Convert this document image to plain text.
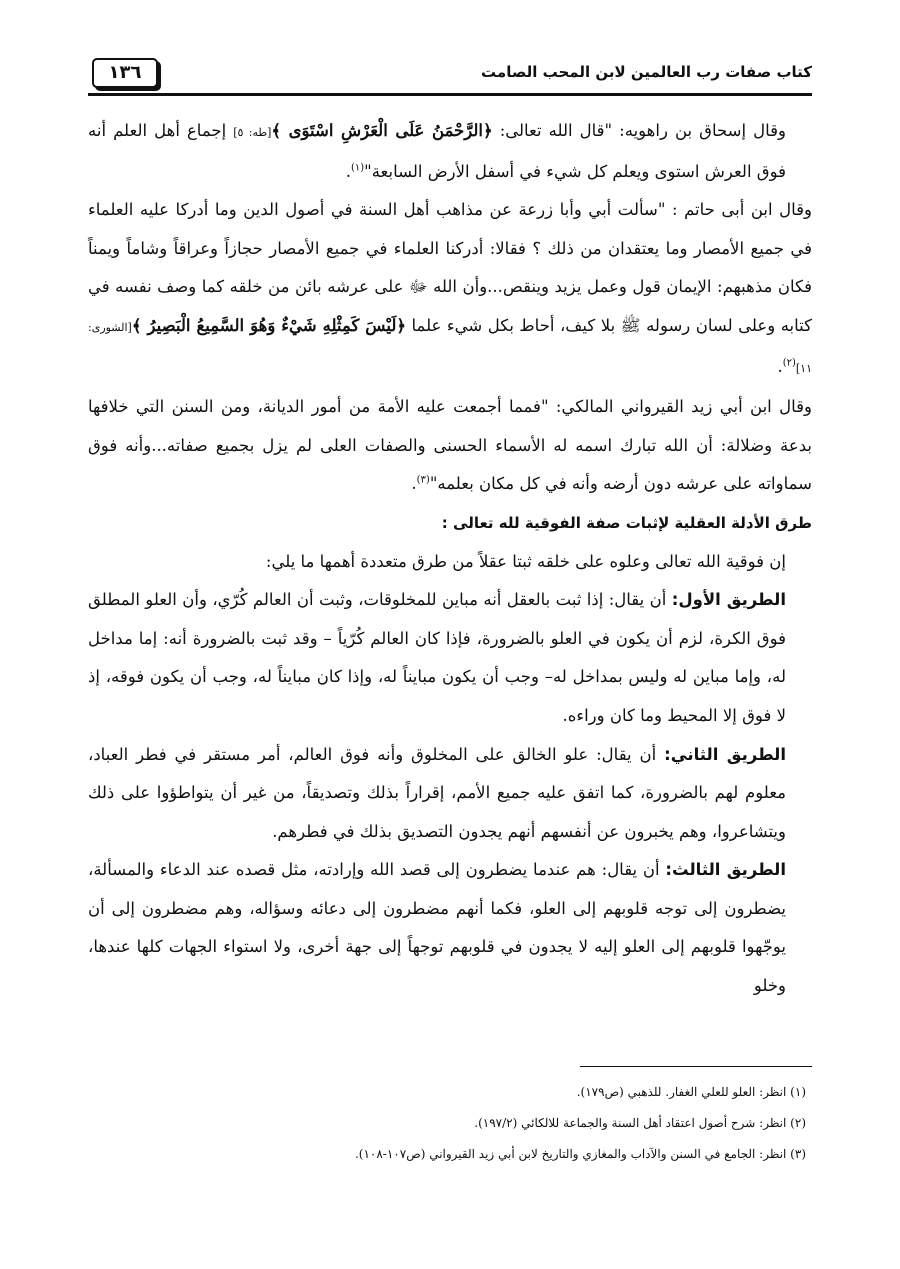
كتاب صفات رب العالمين لابن المحب الصامت
١٣٦

وقال إسحاق بن راهويه: "قال الله تعالى: ﴿الرَّحْمَنُ عَلَى الْعَرْشِ اسْتَوَى ﴾[طه: ٥] إجماع أهل العلم أنه فوق العرش استوى ويعلم كل شيء في أسفل الأرض السابعة"$^{(١)}$.

وقال ابن أبى حاتم : "سألت أبي وأبا زرعة عن مذاهب أهل السنة في أصول الدين وما أدركا عليه العلماء في جميع الأمصار وما يعتقدان من ذلك ؟ فقالا: أدركنا العلماء في جميع الأمصار حجازاً وعراقاً وشاماً ويمناً فكان مذهبهم: الإيمان قول وعمل يزيد وينقص...وأن الله ﷻ على عرشه بائن من خلقه كما وصف نفسه في كتابه وعلى لسان رسوله ﷺ بلا كيف، أحاط بكل شيء علما ﴿لَيْسَ كَمِثْلِهِ شَيْءٌ وَهُوَ السَّمِيعُ الْبَصِيرُ ﴾[الشورى: ١١]$^{(٢)}$.

وقال ابن أبي زيد القيرواني المالكي: "فمما أجمعت عليه الأمة من أمور الديانة، ومن السنن التي خلافها بدعة وضلالة: أن الله تبارك اسمه له الأسماء الحسنى والصفات العلى لم يزل بجميع صفاته...وأنه فوق سماواته على عرشه دون أرضه وأنه في كل مكان بعلمه"$^{(٣)}$.

طرق الأدلة العقلية لإثبات صفة الفوقية لله تعالى :

إن فوقية الله تعالى وعلوه على خلقه ثبتا عقلاً من طرق متعددة أهمها ما يلي:

الطريق الأول: أن يقال: إذا ثبت بالعقل أنه مباين للمخلوقات، وثبت أن العالم كُرّي، وأن العلو المطلق فوق الكرة، لزم أن يكون في العلو بالضرورة، فإذا كان العالم كُرّياً – وقد ثبت بالضرورة أنه: إما مداخل له، وإما مباين له وليس بمداخل له– وجب أن يكون مبايناً له، وإذا كان مبايناً له، وجب أن يكون فوقه، إذ لا فوق إلا المحيط وما كان وراءه.

الطريق الثاني: أن يقال: علو الخالق على المخلوق وأنه فوق العالم، أمر مستقر في فطر العباد، معلوم لهم بالضرورة، كما اتفق عليه جميع الأمم، إقراراً بذلك وتصديقاً، من غير أن يتواطؤوا على ذلك ويتشاعروا، وهم يخبرون عن أنفسهم أنهم يجدون التصديق بذلك في فطرهم.

الطريق الثالث: أن يقال: هم عندما يضطرون إلى قصد الله وإرادته، مثل قصده عند الدعاء والمسألة، يضطرون إلى توجه قلوبهم إلى العلو، فكما أنهم مضطرون إلى دعائه وسؤاله، وهم مضطرون إلى أن يوجّهوا قلوبهم إلى العلو إليه لا يجدون في قلوبهم توجهاً إلى جهة أخرى، ولا استواء الجهات كلها عندها، وخلو

(١) انظر: العلو للعلي الغفار. للذهبي (ص١٧٩).

(٢) انظر: شرح أصول اعتقاد أهل السنة والجماعة للالكائي (١٩٧/٢).

(٣) انظر: الجامع في السنن والآداب والمغازي والتاريخ لابن أبي زيد القيرواني (ص١٠٧-١٠٨).
